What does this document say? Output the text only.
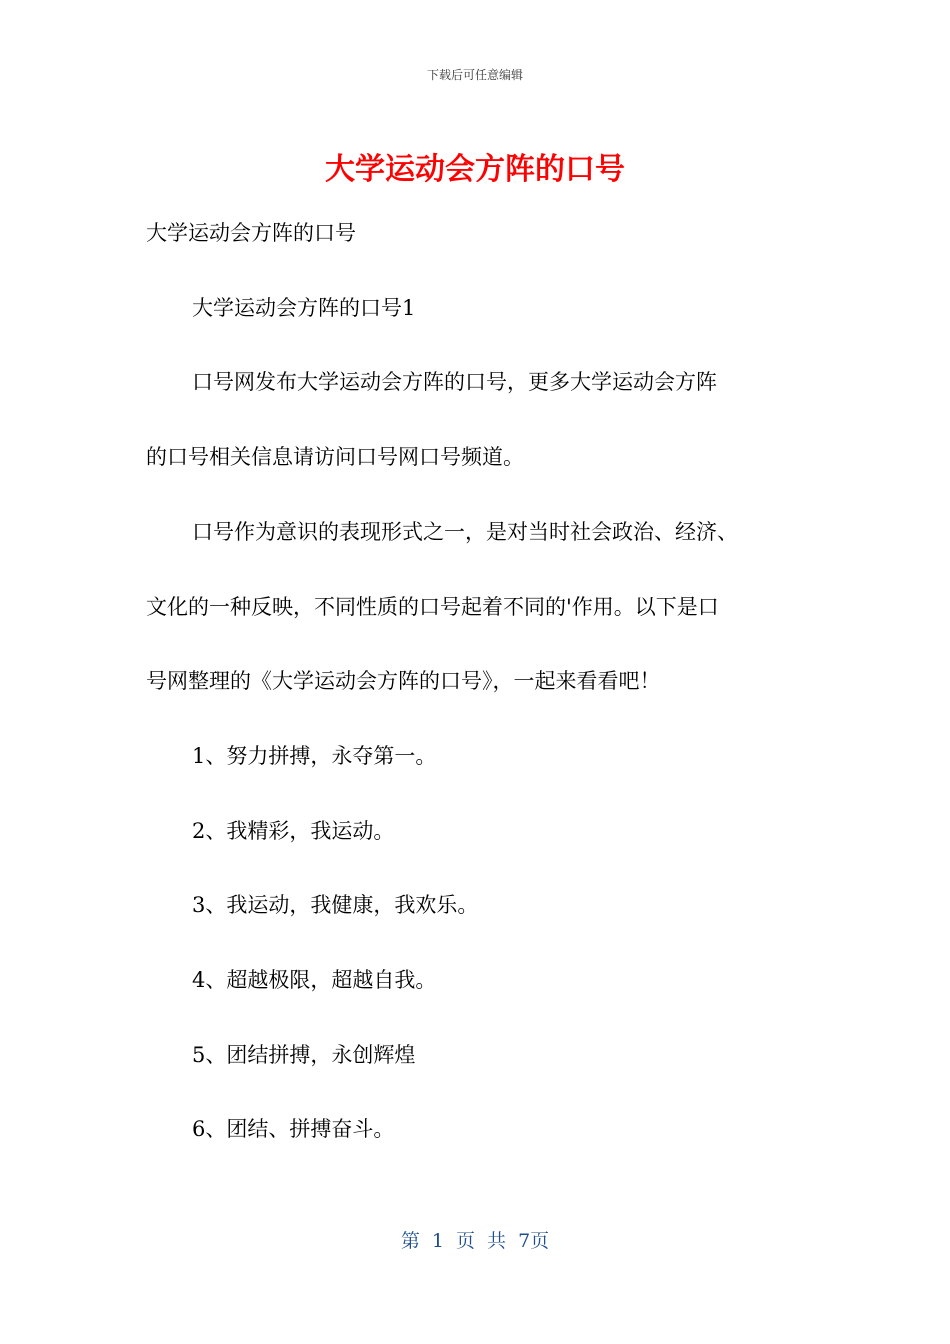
下载后可任意编辑
大学运动会方阵的口号

大学运动会方阵的口号

大学运动会方阵的口号1

口号网发布大学运动会方阵的口号，更多大学运动会方阵

的口号相关信息请访问口号网口号频道。

口号作为意识的表现形式之一，是对当时社会政治、经济、

文化的一种反映，不同性质的口号起着不同的'作用。以下是口

号网整理的《大学运动会方阵的口号》，一起来看看吧！

1、努力拼搏，永夺第一。

2、我精彩，我运动。

3、我运动，我健康，我欢乐。

4、超越极限，超越自我。

5、团结拼搏，永创辉煌

6、团结、拼搏奋斗。

第 1 页 共 7页
